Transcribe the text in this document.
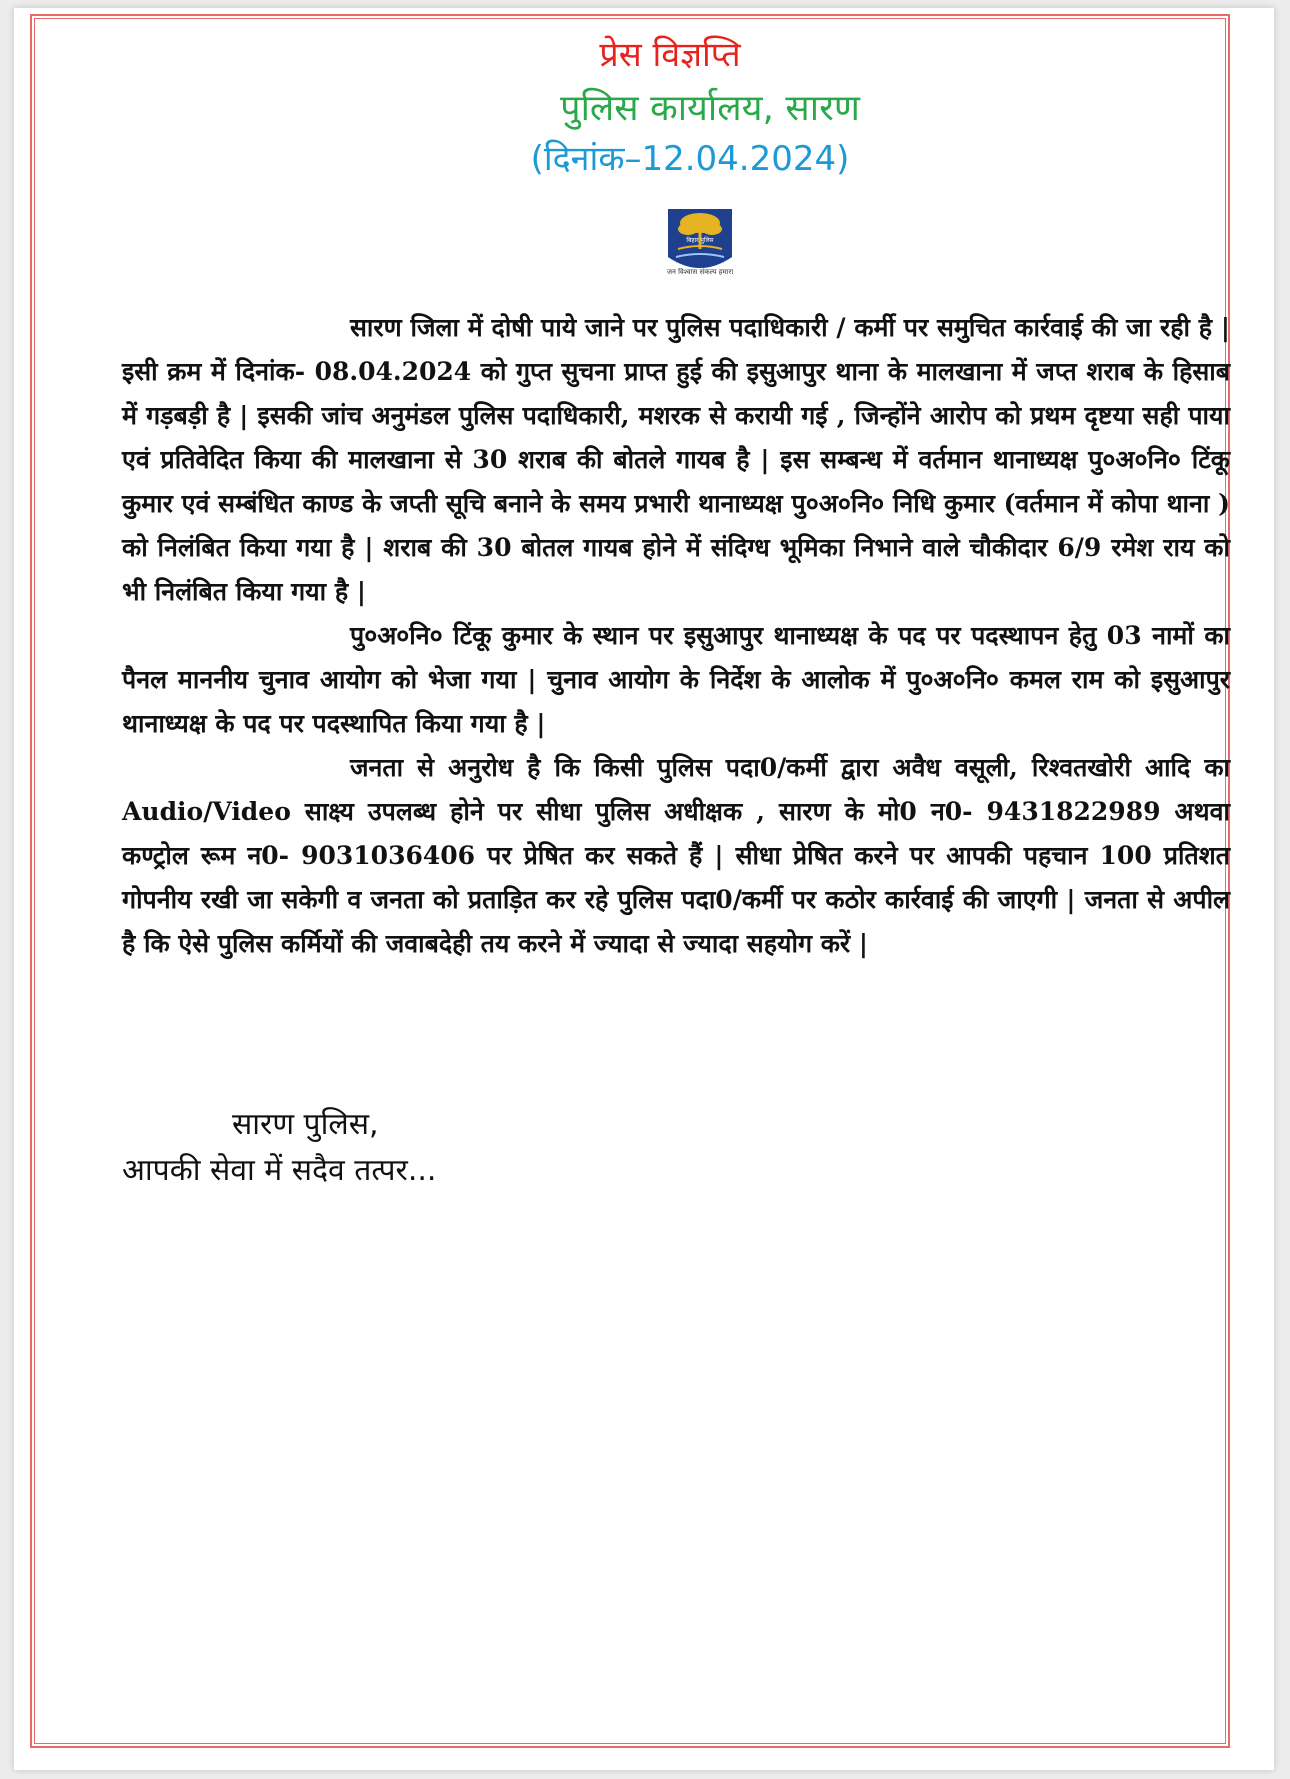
प्रेस विज्ञप्ति
पुलिस कार्यालय, सारण
(दिनांक–12.04.2024)
बिहार पुलिस
जन विश्वास संकल्प हमारा

सारण जिला में दोषी पाये जाने पर पुलिस पदाधिकारी / कर्मी पर समुचित कार्रवाई की जा रही है | इसी क्रम में दिनांक- 08.04.2024 को गुप्त सुचना प्राप्त हुई की इसुआपुर थाना के मालखाना में जप्त शराब के हिसाब में गड़बड़ी है | इसकी जांच अनुमंडल पुलिस पदाधिकारी, मशरक से करायी गई , जिन्होंने आरोप को प्रथम दृष्टया सही पाया एवं प्रतिवेदित किया की मालखाना से 30 शराब की बोतले गायब है | इस सम्बन्ध में वर्तमान थानाध्यक्ष पु०अ०नि० टिंकू कुमार एवं सम्बंधित काण्ड के जप्ती सूचि बनाने के समय प्रभारी थानाध्यक्ष पु०अ०नि० निधि कुमार (वर्तमान में कोपा थाना ) को निलंबित किया गया है | शराब की 30 बोतल गायब होने में संदिग्ध भूमिका निभाने वाले चौकीदार 6/9 रमेश राय को भी निलंबित किया गया है |

पु०अ०नि० टिंकू कुमार के स्थान पर इसुआपुर थानाध्यक्ष के पद पर पदस्थापन हेतु 03 नामों का पैनल माननीय चुनाव आयोग को भेजा गया | चुनाव आयोग के निर्देश के आलोक में पु०अ०नि० कमल राम को इसुआपुर थानाध्यक्ष के पद पर पदस्थापित किया गया है |

जनता से अनुरोध है कि किसी पुलिस पदा0/कर्मी द्वारा अवैध वसूली, रिश्वतखोरी आदि का Audio/Video साक्ष्य उपलब्ध होने पर सीधा पुलिस अधीक्षक , सारण के मो0 न0- 9431822989 अथवा कण्ट्रोल रूम न0- 9031036406 पर प्रेषित कर सकते हैं | सीधा प्रेषित करने पर आपकी पहचान 100 प्रतिशत गोपनीय रखी जा सकेगी व जनता को प्रताड़ित कर रहे पुलिस पदा0/कर्मी पर कठोर कार्रवाई की जाएगी | जनता से अपील है कि ऐसे पुलिस कर्मियों की जवाबदेही तय करने में ज्यादा से ज्यादा सहयोग करें |

सारण पुलिस,
आपकी सेवा में सदैव तत्पर...
